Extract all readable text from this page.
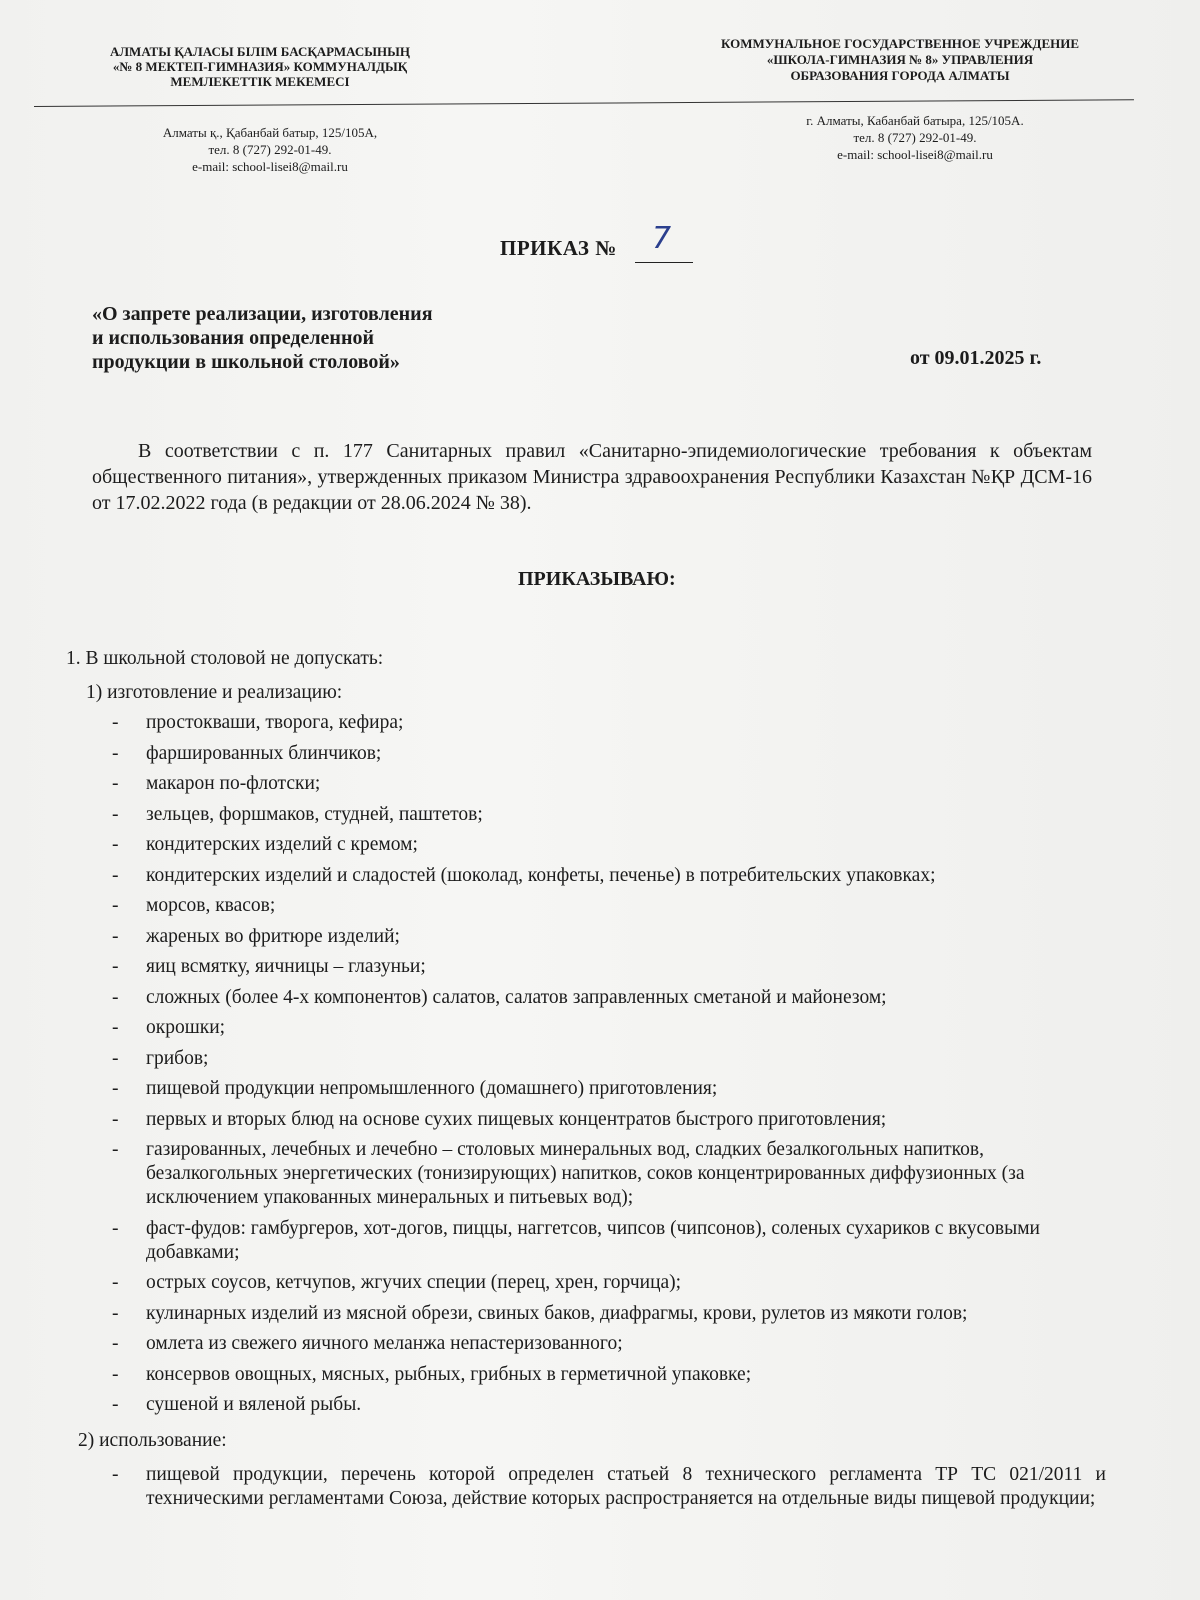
АЛМАТЫ ҚАЛАСЫ БІЛІМ БАСҚАРМАСЫНЫҢ
«№ 8 МЕКТЕП-ГИМНАЗИЯ» КОММУНАЛДЫҚ
МЕМЛЕКЕТТІК МЕКЕМЕСІ
КОММУНАЛЬНОЕ ГОСУДАРСТВЕННОЕ УЧРЕЖДЕНИЕ
«ШКОЛА-ГИМНАЗИЯ № 8» УПРАВЛЕНИЯ
ОБРАЗОВАНИЯ ГОРОДА АЛМАТЫ
Алматы қ., Қабанбай батыр, 125/105А,
тел. 8 (727) 292-01-49.
e-mail: school-lisei8@mail.ru
г. Алматы, Кабанбай батыра, 125/105А.
тел. 8 (727) 292-01-49.
e-mail: school-lisei8@mail.ru
ПРИКАЗ № 7
«О запрете реализации, изготовления
и использования определенной
продукции в школьной столовой»	от 09.01.2025 г.
В соответствии с п. 177 Санитарных правил «Санитарно-эпидемиологические требования к объектам общественного питания», утвержденных приказом Министра здравоохранения Республики Казахстан №ҚР ДСМ-16 от 17.02.2022 года (в редакции от 28.06.2024 № 38).
ПРИКАЗЫВАЮ:
1. В школьной столовой не допускать:
1) изготовление и реализацию:
- простокваши, творога, кефира;
- фаршированных блинчиков;
- макарон по-флотски;
- зельцев, форшмаков, студней, паштетов;
- кондитерских изделий с кремом;
- кондитерских изделий и сладостей (шоколад, конфеты, печенье) в потребительских упаковках;
- морсов, квасов;
- жареных во фритюре изделий;
- яиц всмятку, яичницы – глазуньи;
- сложных (более 4-х компонентов) салатов, салатов заправленных сметаной и майонезом;
- окрошки;
- грибов;
- пищевой продукции непромышленного (домашнего) приготовления;
- первых и вторых блюд на основе сухих пищевых концентратов быстрого приготовления;
- газированных, лечебных и лечебно – столовых минеральных вод, сладких безалкогольных напитков, безалкогольных энергетических (тонизирующих) напитков, соков концентрированных диффузионных (за исключением упакованных минеральных и питьевых вод);
- фаст-фудов: гамбургеров, хот-догов, пиццы, наггетсов, чипсов (чипсонов), соленых сухариков с вкусовыми добавками;
- острых соусов, кетчупов, жгучих специи (перец, хрен, горчица);
- кулинарных изделий из мясной обрези, свиных баков, диафрагмы, крови, рулетов из мякоти голов;
- омлета из свежего яичного меланжа непастеризованного;
- консервов овощных, мясных, рыбных, грибных в герметичной упаковке;
- сушеной и вяленой рыбы.
2) использование:
- пищевой продукции, перечень которой определен статьей 8 технического регламента ТР ТС 021/2011 и техническими регламентами Союза, действие которых распространяется на отдельные виды пищевой продукции;
